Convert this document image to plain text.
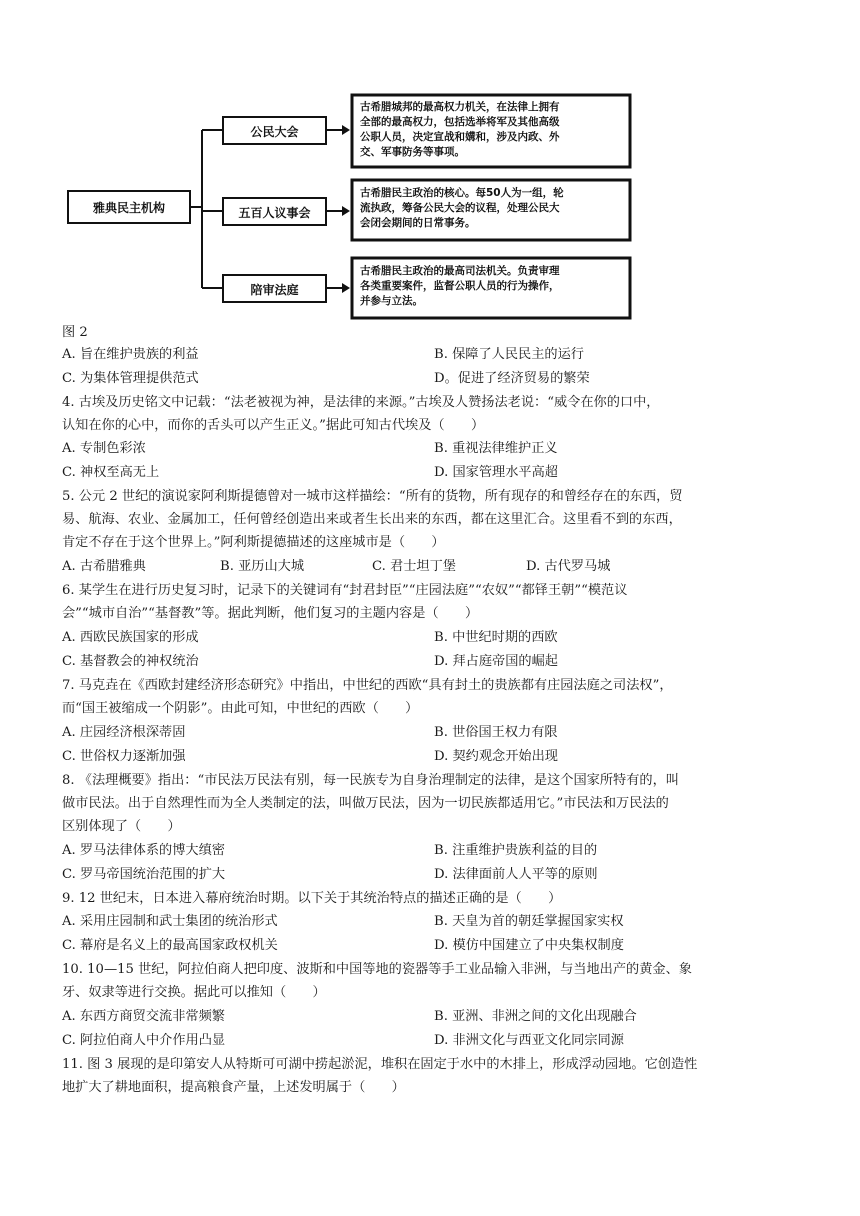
雅典民主机构
公民大会
五百人议事会
陪审法庭
古希腊城邦的最高权力机关，在法律上拥有
全部的最高权力，包括选举将军及其他高级
公职人员，决定宣战和媾和，涉及内政、外
交、军事防务等事项。
古希腊民主政治的核心。每50人为一组，轮
流执政，筹备公民大会的议程，处理公民大
会闭会期间的日常事务。
古希腊民主政治的最高司法机关。负责审理
各类重要案件，监督公职人员的行为操作，
并参与立法。
图 2
A. 旨在维护贵族的利益	B. 保障了人民民主的运行
C. 为集体管理提供范式	D。促进了经济贸易的繁荣
4. 古埃及历史铭文中记载：“法老被视为神，是法律的来源。”古埃及人赞扬法老说：“威令在你的口中，
认知在你的心中，而你的舌头可以产生正义。”据此可知古代埃及（　　）
A. 专制色彩浓	B. 重视法律维护正义
C. 神权至高无上	D. 国家管理水平高超
5. 公元 2 世纪的演说家阿利斯提德曾对一城市这样描绘：“所有的货物，所有现存的和曾经存在的东西，贸
易、航海、农业、金属加工，任何曾经创造出来或者生长出来的东西，都在这里汇合。这里看不到的东西，
肯定不存在于这个世界上。”阿利斯提德描述的这座城市是（　　）
A. 古希腊雅典	B. 亚历山大城	C. 君士坦丁堡	D. 古代罗马城
6. 某学生在进行历史复习时，记录下的关键词有“封君封臣”“庄园法庭”“农奴”“都铎王朝”“模范议
会”“城市自治”“基督教”等。据此判断，他们复习的主题内容是（　　）
A. 西欧民族国家的形成	B. 中世纪时期的西欧
C. 基督教会的神权统治	D. 拜占庭帝国的崛起
7. 马克垚在《西欧封建经济形态研究》中指出，中世纪的西欧“具有封土的贵族都有庄园法庭之司法权”，
而“国王被缩成一个阴影”。由此可知，中世纪的西欧（　　）
A. 庄园经济根深蒂固	B. 世俗国王权力有限
C. 世俗权力逐渐加强	D. 契约观念开始出现
8. 《法理概要》指出：“市民法万民法有别，每一民族专为自身治理制定的法律，是这个国家所特有的，叫
做市民法。出于自然理性而为全人类制定的法，叫做万民法，因为一切民族都适用它。”市民法和万民法的
区别体现了（　　）
A. 罗马法律体系的博大缜密	B. 注重维护贵族利益的目的
C. 罗马帝国统治范围的扩大	D. 法律面前人人平等的原则
9. 12 世纪末，日本进入幕府统治时期。以下关于其统治特点的描述正确的是（　　）
A. 采用庄园制和武士集团的统治形式	B. 天皇为首的朝廷掌握国家实权
C. 幕府是名义上的最高国家政权机关	D. 模仿中国建立了中央集权制度
10. 10—15 世纪，阿拉伯商人把印度、波斯和中国等地的瓷器等手工业品输入非洲，与当地出产的黄金、象
牙、奴隶等进行交换。据此可以推知（　　）
A. 东西方商贸交流非常频繁	B. 亚洲、非洲之间的文化出现融合
C. 阿拉伯商人中介作用凸显	D. 非洲文化与西亚文化同宗同源
11. 图 3 展现的是印第安人从特斯可可湖中捞起淤泥，堆积在固定于水中的木排上，形成浮动园地。它创造性
地扩大了耕地面积，提高粮食产量，上述发明属于（　　）
